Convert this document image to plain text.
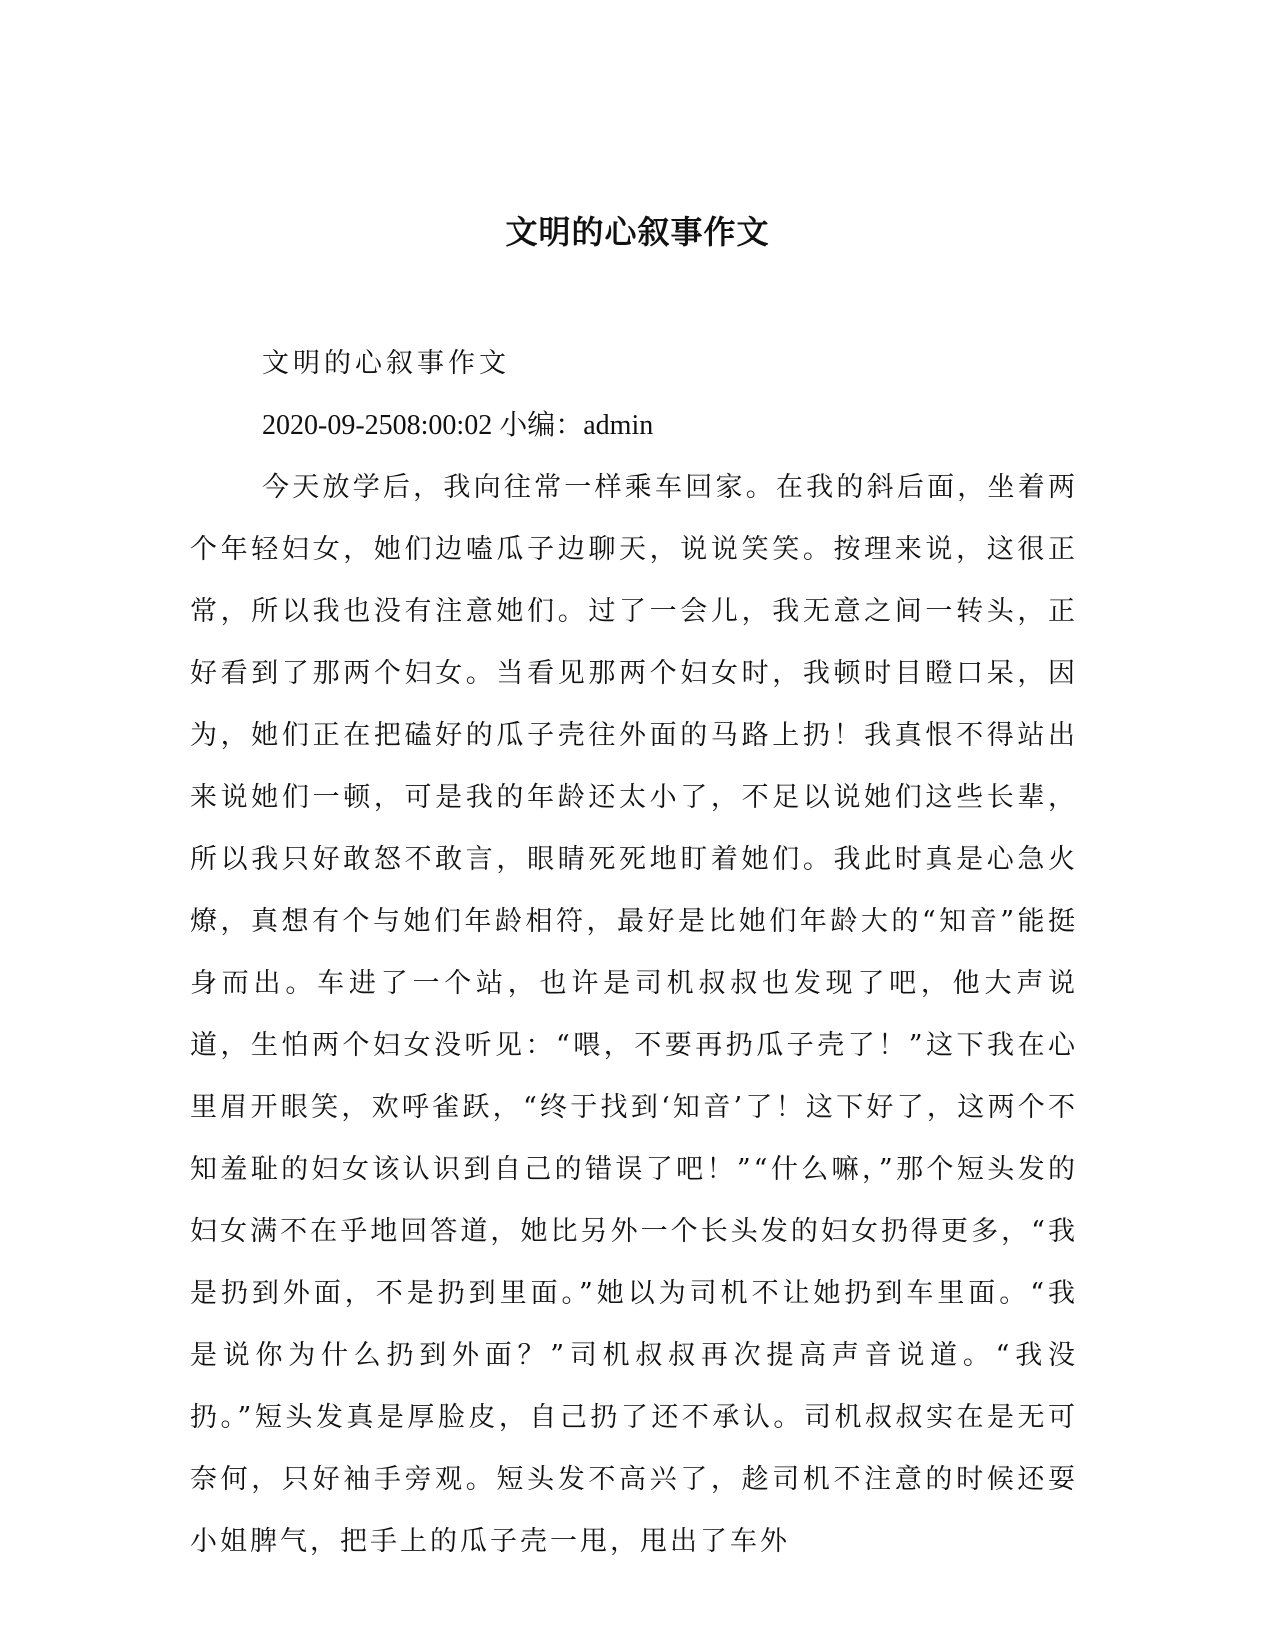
文明的心叙事作文

文明的心叙事作文

2020-09-2508:00:02 小编：admin

今天放学后，我向往常一样乘车回家。在我的斜后面，坐着两个年轻妇女，她们边嗑瓜子边聊天，说说笑笑。按理来说，这很正常，所以我也没有注意她们。过了一会儿，我无意之间一转头，正好看到了那两个妇女。当看见那两个妇女时，我顿时目瞪口呆，因为，她们正在把磕好的瓜子壳往外面的马路上扔！我真恨不得站出来说她们一顿，可是我的年龄还太小了，不足以说她们这些长辈，所以我只好敢怒不敢言，眼睛死死地盯着她们。我此时真是心急火燎，真想有个与她们年龄相符，最好是比她们年龄大的“知音”能挺身而出。车进了一个站，也许是司机叔叔也发现了吧，他大声说道，生怕两个妇女没听见：“喂，不要再扔瓜子壳了！”这下我在心里眉开眼笑，欢呼雀跃，“终于找到‘知音’了！这下好了，这两个不知羞耻的妇女该认识到自己的错误了吧！”“什么嘛，”那个短头发的妇女满不在乎地回答道，她比另外一个长头发的妇女扔得更多，“我是扔到外面，不是扔到里面。”她以为司机不让她扔到车里面。“我是说你为什么扔到外面？”司机叔叔再次提高声音说道。“我没扔。”短头发真是厚脸皮，自己扔了还不承认。司机叔叔实在是无可奈何，只好袖手旁观。短头发不高兴了，趁司机不注意的时候还耍小姐脾气，把手上的瓜子壳一甩，甩出了车外
